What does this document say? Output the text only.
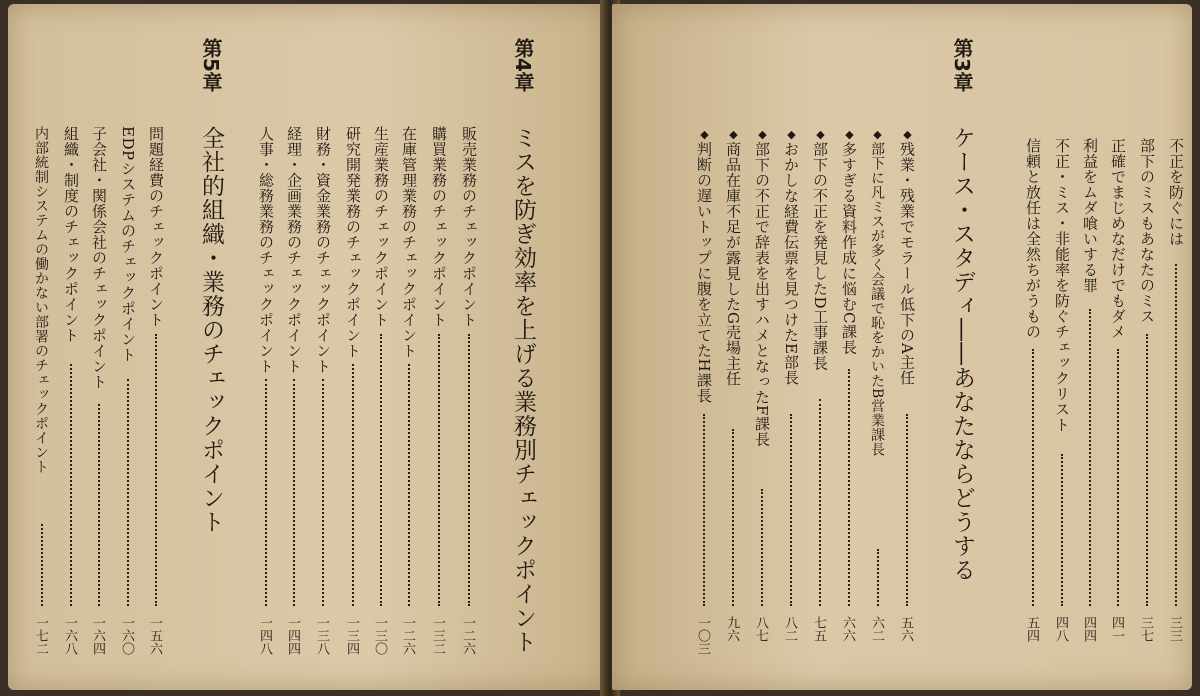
第4章
ミスを防ぎ効率を上げる業務別チェックポイント
販売業務のチェックポイント
一二六
購買業務のチェックポイント
一三二
在庫管理業務のチェックポイント
一二六
生産業務のチェックポイント
一三〇
研究開発業務のチェックポイント
一三四
財務・資金業務のチェックポイント
一三八
経理・企画業務のチェックポイント
一四四
人事・総務業務のチェックポイント
一四八
第5章
全社的組織・業務のチェックポイント
問題経費のチェックポイント
一五六
EDPシステムのチェックポイント
一六〇
子会社・関係会社のチェックポイント
一六四
組織・制度のチェックポイント
一六八
内部統制システムの働かない部署のチェックポイント
一七二
不正を防ぐには
三三
部下のミスもあなたのミス
三七
正確でまじめなだけでもダメ
四一
利益をムダ喰いする罪
四四
不正・ミス・非能率を防ぐチェックリスト
四八
信頼と放任は全然ちがうもの
五四
第3章
ケース・スタディ――あなたならどうする
◆残業・残業でモラール低下のA主任
五六
◆部下に凡ミスが多く会議で恥をかいたB営業課長
六二
◆多すぎる資料作成に悩むC課長
六六
◆部下の不正を発見したD工事課長
七五
◆おかしな経費伝票を見つけたE部長
八二
◆部下の不正で辞表を出すハメとなったF課長
八七
◆商品在庫不足が露見したG売場主任
九六
◆判断の遅いトップに腹を立てたH課長
一〇三
